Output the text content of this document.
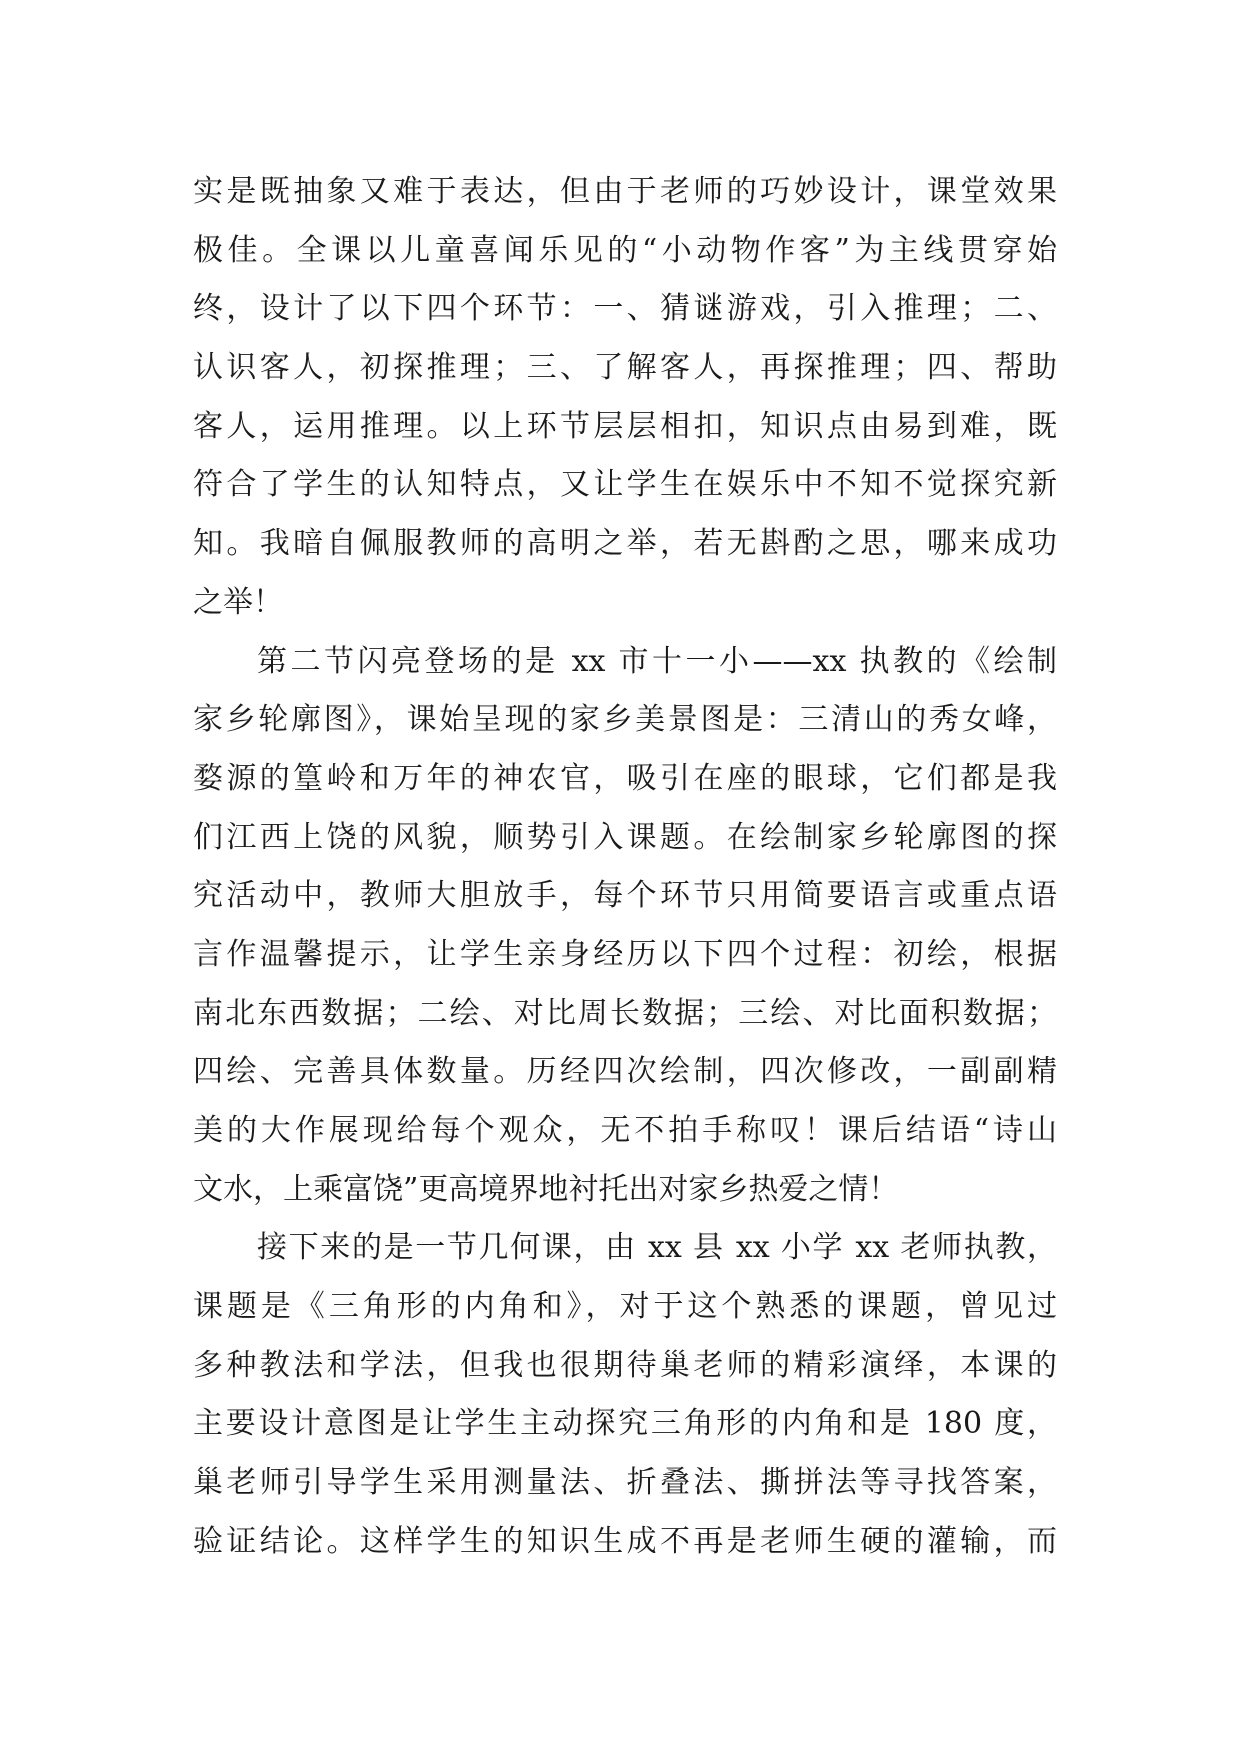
实是既抽象又难于表达，但由于老师的巧妙设计，课堂效果
极佳。全课以儿童喜闻乐见的“小动物作客”为主线贯穿始
终，设计了以下四个环节：一、猜谜游戏，引入推理；二、
认识客人，初探推理；三、了解客人，再探推理；四、帮助
客人，运用推理。以上环节层层相扣，知识点由易到难，既
符合了学生的认知特点，又让学生在娱乐中不知不觉探究新
知。我暗自佩服教师的高明之举，若无斟酌之思，哪来成功
之举！
第二节闪亮登场的是 xx 市十一小——xx 执教的《绘制
家乡轮廓图》，课始呈现的家乡美景图是：三清山的秀女峰，
婺源的篁岭和万年的神农官，吸引在座的眼球，它们都是我
们江西上饶的风貌，顺势引入课题。在绘制家乡轮廓图的探
究活动中，教师大胆放手，每个环节只用简要语言或重点语
言作温馨提示，让学生亲身经历以下四个过程：初绘，根据
南北东西数据；二绘、对比周长数据；三绘、对比面积数据；
四绘、完善具体数量。历经四次绘制，四次修改，一副副精
美的大作展现给每个观众，无不拍手称叹！课后结语“诗山
文水，上乘富饶”更高境界地衬托出对家乡热爱之情！
接下来的是一节几何课，由 xx 县 xx 小学 xx 老师执教，
课题是《三角形的内角和》，对于这个熟悉的课题，曾见过
多种教法和学法，但我也很期待巢老师的精彩演绎，本课的
主要设计意图是让学生主动探究三角形的内角和是 180 度，
巢老师引导学生采用测量法、折叠法、撕拼法等寻找答案，
验证结论。这样学生的知识生成不再是老师生硬的灌输，而
